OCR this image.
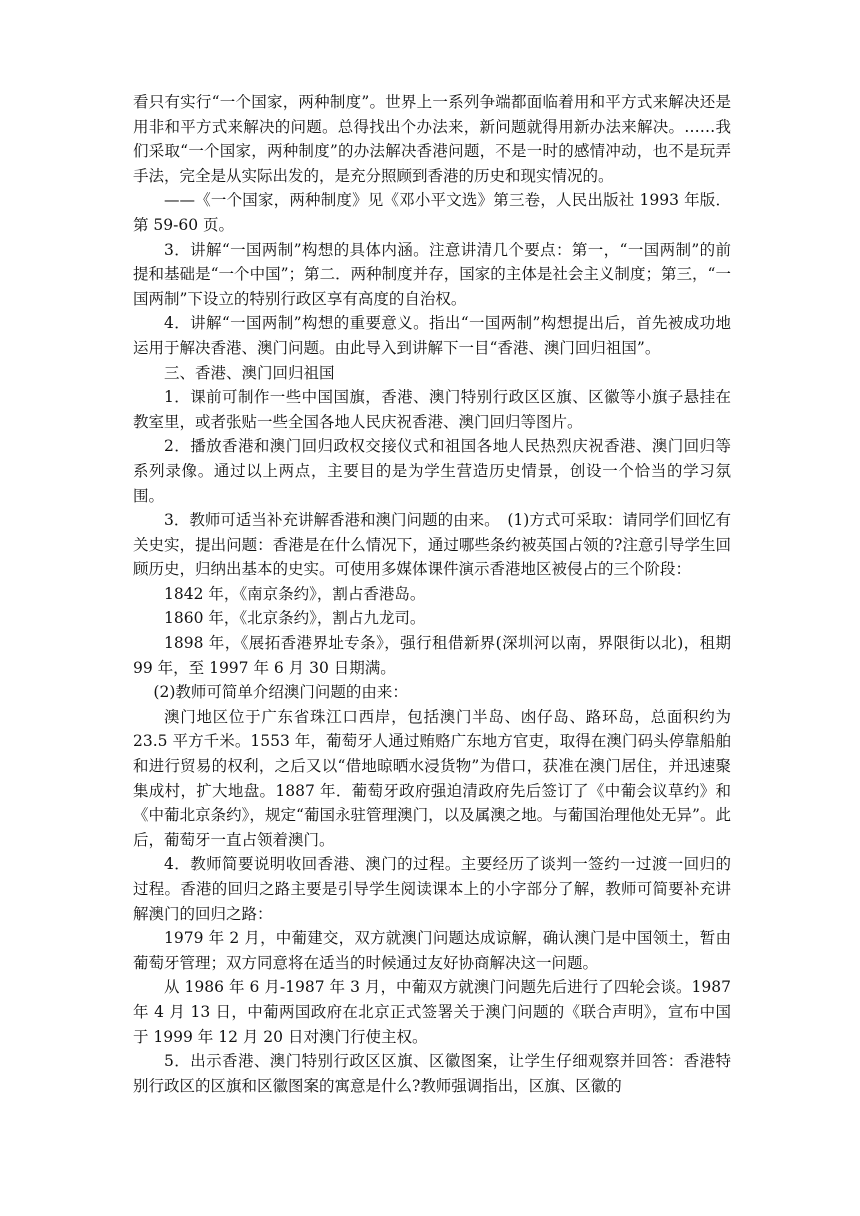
看只有实行“一个国家，两种制度”。世界上一系列争端都面临着用和平方式来解决还是用非和平方式来解决的问题。总得找出个办法来，新问题就得用新办法来解决。……我们采取“一个国家，两种制度”的办法解决香港问题，不是一时的感情冲动，也不是玩弄手法，完全是从实际出发的，是充分照顾到香港的历史和现实情况的。

——《一个国家，两种制度》见《邓小平文选》第三卷，人民出版社 1993 年版．第 59-60 页。

3．讲解“一国两制”构想的具体内涵。注意讲清几个要点：第一，“一国两制”的前提和基础是“一个中国”；第二．两种制度并存，国家的主体是社会主义制度；第三，“一国两制”下设立的特别行政区享有高度的自治权。

4．讲解“一国两制”构想的重要意义。指出“一国两制”构想提出后，首先被成功地运用于解决香港、澳门问题。由此导入到讲解下一目“香港、澳门回归祖国”。

三、香港、澳门回归祖国

1．课前可制作一些中国国旗，香港、澳门特别行政区区旗、区徽等小旗子悬挂在教室里，或者张贴一些全国各地人民庆祝香港、澳门回归等图片。

2．播放香港和澳门回归政权交接仪式和祖国各地人民热烈庆祝香港、澳门回归等系列录像。通过以上两点，主要目的是为学生营造历史情景，创设一个恰当的学习氛围。

3．教师可适当补充讲解香港和澳门问题的由来。　(1)方式可采取：请同学们回忆有关史实，提出问题：香港是在什么情况下，通过哪些条约被英国占领的?注意引导学生回顾历史，归纳出基本的史实。可使用多媒体课件演示香港地区被侵占的三个阶段：

1842 年，《南京条约》，割占香港岛。

1860 年，《北京条约》，割占九龙司。

1898 年，《展拓香港界址专条》，强行租借新界(深圳河以南，界限街以北)，租期 99 年，至 1997 年 6 月 30 日期满。

　 (2)教师可简单介绍澳门问题的由来：

澳门地区位于广东省珠江口西岸，包括澳门半岛、凼仔岛、路环岛，总面积约为 23.5 平方千米。1553 年，葡萄牙人通过贿赂广东地方官吏，取得在澳门码头停靠船舶和进行贸易的权利，之后又以“借地晾晒水浸货物”为借口，获准在澳门居住，并迅速聚集成村，扩大地盘。1887 年．葡萄牙政府强迫清政府先后签订了《中葡会议草约》和《中葡北京条约》，规定“葡国永驻管理澳门，以及属澳之地。与葡国治理他处无异”。此后，葡萄牙一直占领着澳门。

4．教师简要说明收回香港、澳门的过程。主要经历了谈判一签约一过渡一回归的过程。香港的回归之路主要是引导学生阅读课本上的小字部分了解，教师可简要补充讲解澳门的回归之路：

1979 年 2 月，中葡建交，双方就澳门问题达成谅解，确认澳门是中国领土，暂由葡萄牙管理；双方同意将在适当的时候通过友好协商解决这一问题。

从 1986 年 6 月-1987 年 3 月，中葡双方就澳门问题先后进行了四轮会谈。1987 年 4 月 13 日，中葡两国政府在北京正式签署关于澳门问题的《联合声明》，宣布中国于 1999 年 12 月 20 日对澳门行使主权。

5．出示香港、澳门特别行政区区旗、区徽图案，让学生仔细观察并回答：香港特别行政区的区旗和区徽图案的寓意是什么?教师强调指出，区旗、区徽的
